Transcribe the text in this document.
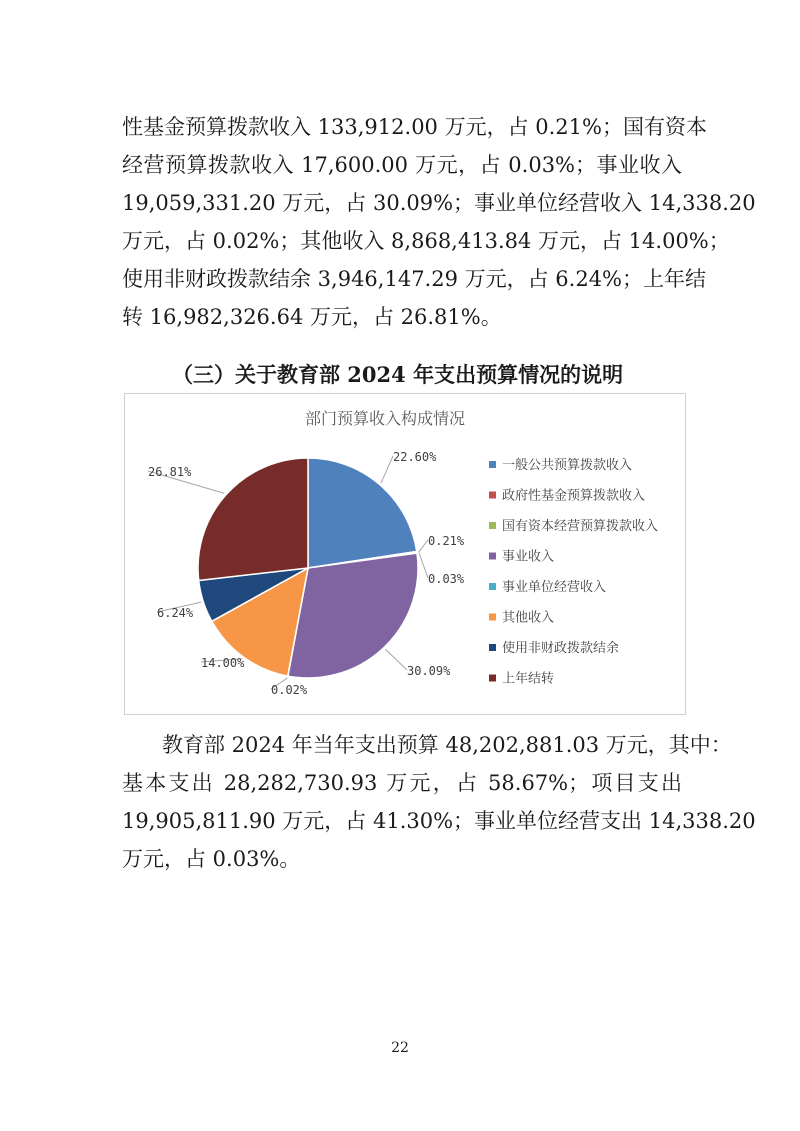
性基金预算拨款收入 133,912.00 万元，占 0.21%；国有资本
经营预算拨款收入 17,600.00 万元，占 0.03%；事业收入
19,059,331.20 万元，占 30.09%；事业单位经营收入 14,338.20
万元，占 0.02%；其他收入 8,868,413.84 万元，占 14.00%；
使用非财政拨款结余 3,946,147.29 万元，占 6.24%；上年结
转 16,982,326.64 万元，占 26.81%。
（三）关于教育部 2024 年支出预算情况的说明
部门预算收入构成情况
22.60%
0.21%
0.03%
30.09%
0.02%
14.00%
6.24%
26.81%	一般公共预算拨款收入
政府性基金预算拨款收入
国有资本经营预算拨款收入
事业收入
事业单位经营收入
其他收入
使用非财政拨款结余
上年结转
教育部 2024 年当年支出预算 48,202,881.03 万元，其中：
基本支出 28,282,730.93 万元，占 58.67%；项目支出
19,905,811.90 万元，占 41.30%；事业单位经营支出 14,338.20
万元，占 0.03%。
22
